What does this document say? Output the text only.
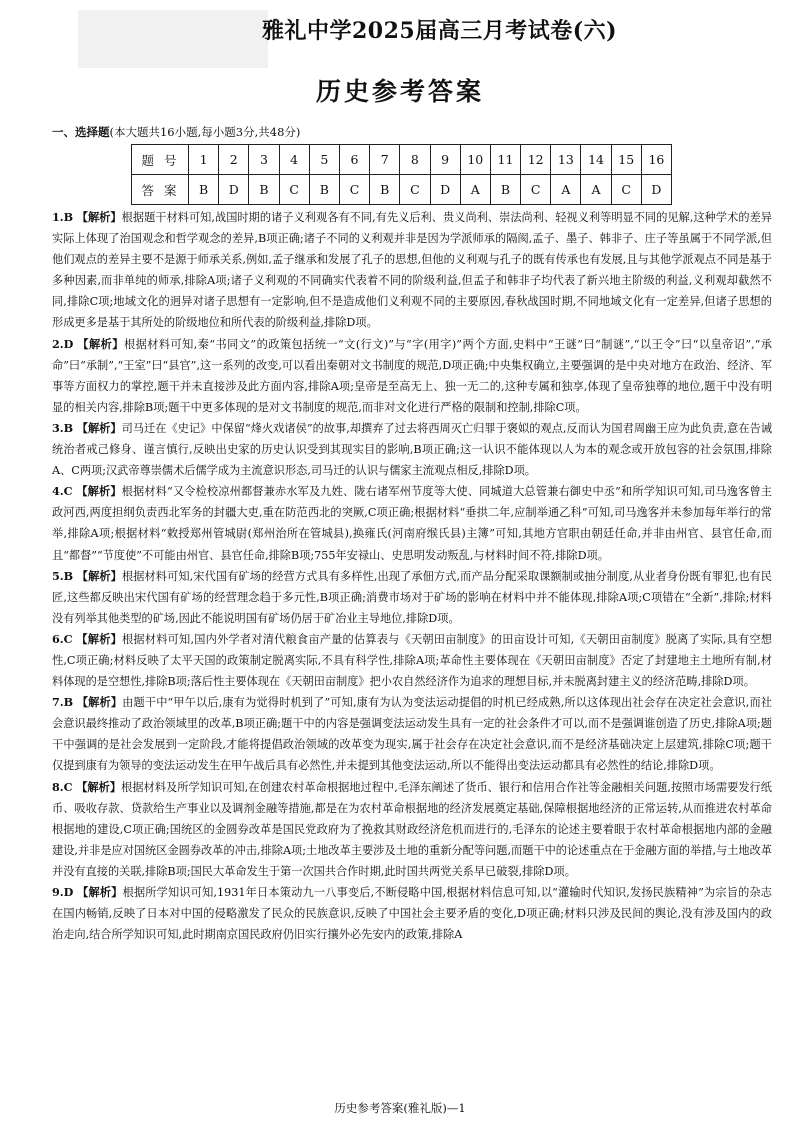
雅礼中学2025届高三月考试卷(六)
历史参考答案
一、选择题(本大题共16小题,每小题3分,共48分)
题号	1	2	3	4	5	6	7	8	9	10	11	12	13	14	15	16
答案	B	D	B	C	B	C	B	C	D	A	B	C	A	A	C	D

1.B 【解析】根据题干材料可知,战国时期的诸子义利观各有不同,有先义后利、贵义尚利、崇法尚利、轻视义利等明显不同的见解,这种学术的差异实际上体现了治国观念和哲学观念的差异,B项正确;诸子不同的义利观并非是因为学派师承的隔阂,孟子、墨子、韩非子、庄子等虽属于不同学派,但他们观点的差异主要不是源于师承关系,例如,孟子继承和发展了孔子的思想,但他的义利观与孔子的既有传承也有发展,且与其他学派观点不同是基于多种因素,而非单纯的师承,排除A项;诸子义利观的不同确实代表着不同的阶级利益,但孟子和韩非子均代表了新兴地主阶级的利益,义利观却截然不同,排除C项;地域文化的迥异对诸子思想有一定影响,但不是造成他们义利观不同的主要原因,春秋战国时期,不同地域文化有一定差异,但诸子思想的形成更多是基于其所处的阶级地位和所代表的阶级利益,排除D项。

2.D 【解析】根据材料可知,秦“书同文”的政策包括统一“文(行文)”与“字(用字)”两个方面,史料中“王谜”曰“制谜”,“以王令”曰“以皇帝诏”,“承命”曰“承制”,“王室”曰“县官”,这一系列的改变,可以看出秦朝对文书制度的规范,D项正确;中央集权确立,主要强调的是中央对地方在政治、经济、军事等方面权力的掌控,题干并未直接涉及此方面内容,排除A项;皇帝是至高无上、独一无二的,这种专属和独享,体现了皇帝独尊的地位,题干中没有明显的相关内容,排除B项;题干中更多体现的是对文书制度的规范,而非对文化进行严格的限制和控制,排除C项。

3.B 【解析】司马迁在《史记》中保留“烽火戏诸侯”的故事,却撰弃了过去将西周灭亡归罪于褒姒的观点,反而认为国君周幽王应为此负责,意在告诫统治者戒己修身、谨言慎行,反映出史家的历史认识受到其现实目的影响,B项正确;这一认识不能体现以人为本的观念或开放包容的社会氛围,排除A、C两项;汉武帝尊崇儒术后儒学成为主流意识形态,司马迁的认识与儒家主流观点相反,排除D项。

4.C 【解析】根据材料“又令检校凉州都督兼赤水军及九姓、陇右诸军州节度等大使、同城道大总管兼右御史中丞”和所学知识可知,司马逸客曾主政河西,两度担纲负责西北军务的封疆大吏,重在防范西北的突厥,C项正确;根据材料“垂拱二年,应制举通乙科”可知,司马逸客并未参加每年举行的常举,排除A项;根据材料“敕授郑州管城尉(郑州治所在管城县),换雍氏(河南府缑氏县)主簿”可知,其地方官职由朝廷任命,并非由州官、县官任命,而且“都督”“节度使”不可能由州官、县官任命,排除B项;755年安禄山、史思明发动叛乱,与材料时间不符,排除D项。

5.B 【解析】根据材料可知,宋代国有矿场的经营方式具有多样性,出现了承佃方式,而产品分配采取课额制或抽分制度,从业者身份既有罪犯,也有民匠,这些都反映出宋代国有矿场的经营理念趋于多元性,B项正确;消费市场对于矿场的影响在材料中并不能体现,排除A项;C项错在“全新”,排除;材料没有列举其他类型的矿场,因此不能说明国有矿场仍居于矿冶业主导地位,排除D项。

6.C 【解析】根据材料可知,国内外学者对清代粮食亩产量的估算表与《天朝田亩制度》的田亩设计可知,《天朝田亩制度》脱离了实际,具有空想性,C项正确;材料反映了太平天国的政策制定脱离实际,不具有科学性,排除A项;革命性主要体现在《天朝田亩制度》否定了封建地主土地所有制,材料体现的是空想性,排除B项;落后性主要体现在《天朝田亩制度》把小农自然经济作为追求的理想目标,并未脱离封建主义的经济范畴,排除D项。

7.B 【解析】由题干中“甲午以后,康有为觉得时机到了”可知,康有为认为变法运动提倡的时机已经成熟,所以这体现出社会存在决定社会意识,而社会意识最终推动了政治领域里的改革,B项正确;题干中的内容是强调变法运动发生具有一定的社会条件才可以,而不是强调谁创造了历史,排除A项;题干中强调的是社会发展到一定阶段,才能将提倡政治领域的改革变为现实,属于社会存在决定社会意识,而不是经济基础决定上层建筑,排除C项;题干仅提到康有为领导的变法运动发生在甲午战后具有必然性,并未提到其他变法运动,所以不能得出变法运动都具有必然性的结论,排除D项。

8.C 【解析】根据材料及所学知识可知,在创建农村革命根据地过程中,毛泽东阐述了货币、银行和信用合作社等金融相关问题,按照市场需要发行纸币、吸收存款、贷款给生产事业以及调剂金融等措施,都是在为农村革命根据地的经济发展奠定基础,保障根据地经济的正常运转,从而推进农村革命根据地的建设,C项正确;国统区的金圆券改革是国民党政府为了挽救其财政经济危机而进行的,毛泽东的论述主要着眼于农村革命根据地内部的金融建设,并非是应对国统区金圆券改革的冲击,排除A项;土地改革主要涉及土地的重新分配等问题,而题干中的论述重点在于金融方面的举措,与土地改革并没有直接的关联,排除B项;国民大革命发生于第一次国共合作时期,此时国共两党关系早已破裂,排除D项。

9.D 【解析】根据所学知识可知,1931年日本策动九一八事变后,不断侵略中国,根据材料信息可知,以“灌输时代知识,发扬民族精神”为宗旨的杂志在国内畅销,反映了日本对中国的侵略激发了民众的民族意识,反映了中国社会主要矛盾的变化,D项正确;材料只涉及民间的舆论,没有涉及国内的政治走向,结合所学知识可知,此时期南京国民政府仍旧实行攘外必先安内的政策,排除A

历史参考答案(雅礼版)—1
